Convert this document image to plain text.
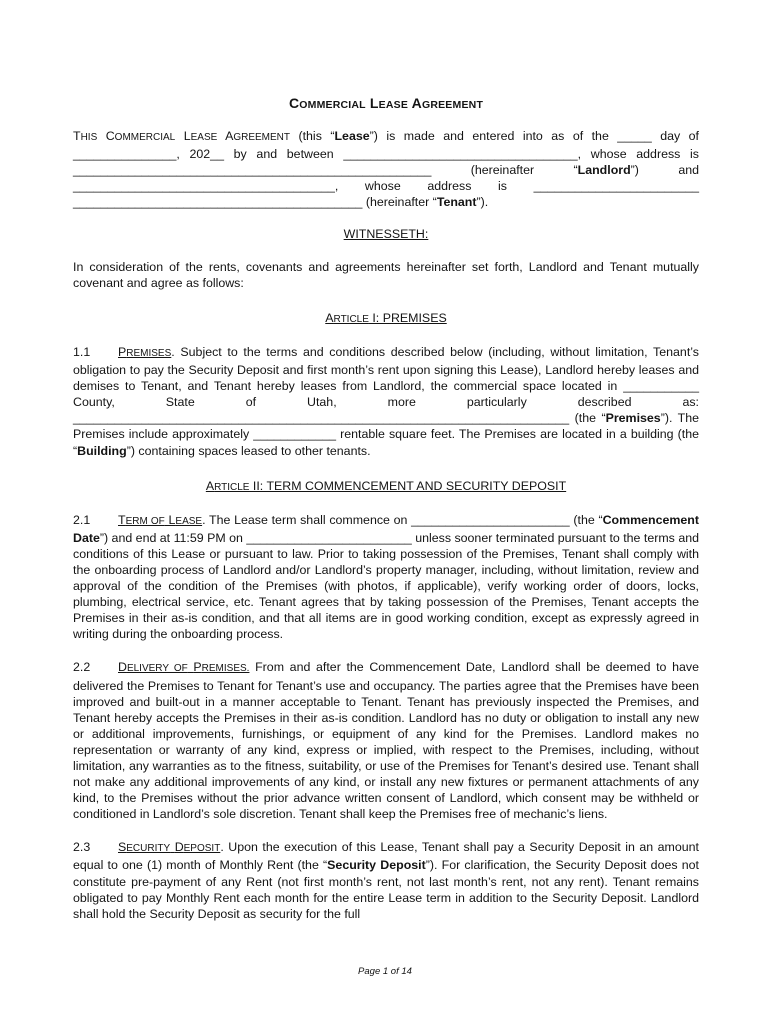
COMMERCIAL LEASE AGREEMENT

THIS COMMERCIAL LEASE AGREEMENT (this “Lease”) is made and entered into as of the _____ day of _______________, 202__ by and between __________________________________, whose address is ____________________________________________________ (hereinafter “Landlord”) and ______________________________________, whose address is ________________________ __________________________________________ (hereinafter “Tenant”).

WITNESSETH:

In consideration of the rents, covenants and agreements hereinafter set forth, Landlord and Tenant mutually covenant and agree as follows:

ARTICLE I: PREMISES

1.1 PREMISES. Subject to the terms and conditions described below (including, without limitation, Tenant’s obligation to pay the Security Deposit and first month’s rent upon signing this Lease), Landlord hereby leases and demises to Tenant, and Tenant hereby leases from Landlord, the commercial space located in ___________ County, State of Utah, more particularly described as: ________________________________________________________________________ (the “Premises”). The Premises include approximately ____________ rentable square feet. The Premises are located in a building (the “Building”) containing spaces leased to other tenants.

ARTICLE II: TERM COMMENCEMENT AND SECURITY DEPOSIT

2.1 TERM OF LEASE. The Lease term shall commence on _______________________ (the “Commencement Date”) and end at 11:59 PM on ________________________ unless sooner terminated pursuant to the terms and conditions of this Lease or pursuant to law. Prior to taking possession of the Premises, Tenant shall comply with the onboarding process of Landlord and/or Landlord’s property manager, including, without limitation, review and approval of the condition of the Premises (with photos, if applicable), verify working order of doors, locks, plumbing, electrical service, etc. Tenant agrees that by taking possession of the Premises, Tenant accepts the Premises in their as-is condition, and that all items are in good working condition, except as expressly agreed in writing during the onboarding process.

2.2 DELIVERY OF PREMISES. From and after the Commencement Date, Landlord shall be deemed to have delivered the Premises to Tenant for Tenant’s use and occupancy. The parties agree that the Premises have been improved and built-out in a manner acceptable to Tenant. Tenant has previously inspected the Premises, and Tenant hereby accepts the Premises in their as-is condition. Landlord has no duty or obligation to install any new or additional improvements, furnishings, or equipment of any kind for the Premises. Landlord makes no representation or warranty of any kind, express or implied, with respect to the Premises, including, without limitation, any warranties as to the fitness, suitability, or use of the Premises for Tenant’s desired use. Tenant shall not make any additional improvements of any kind, or install any new fixtures or permanent attachments of any kind, to the Premises without the prior advance written consent of Landlord, which consent may be withheld or conditioned in Landlord’s sole discretion. Tenant shall keep the Premises free of mechanic’s liens.

2.3 SECURITY DEPOSIT. Upon the execution of this Lease, Tenant shall pay a Security Deposit in an amount equal to one (1) month of Monthly Rent (the “Security Deposit”). For clarification, the Security Deposit does not constitute pre-payment of any Rent (not first month’s rent, not last month’s rent, not any rent). Tenant remains obligated to pay Monthly Rent each month for the entire Lease term in addition to the Security Deposit. Landlord shall hold the Security Deposit as security for the full

Page 1 of 14
